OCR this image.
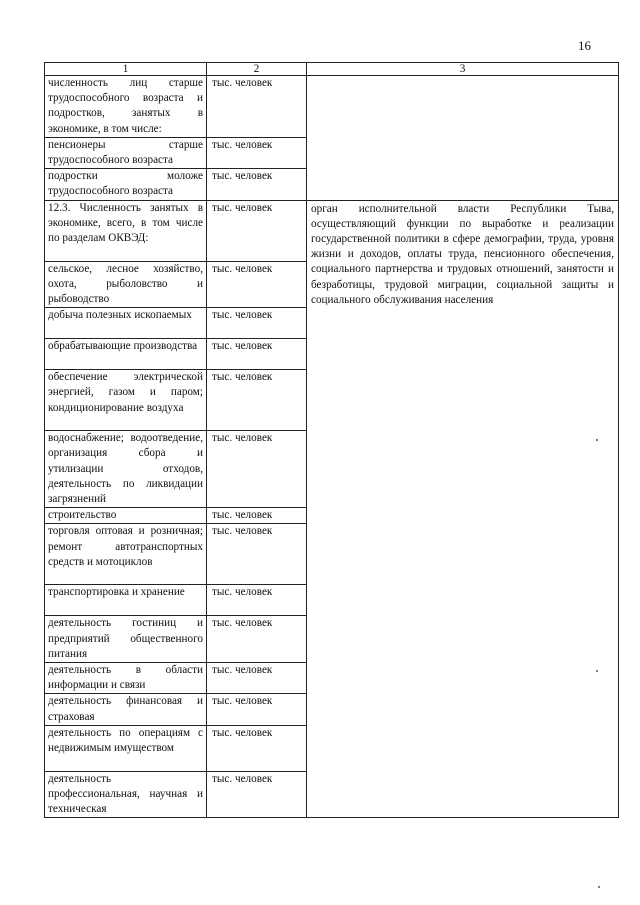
16
1	2	3
численность лиц старше трудоспособного возраста и подростков, занятых в экономике, в том числе:	тыс. человек	
пенсионеры старше трудоспособного возраста	тыс. человек	
подростки моложе трудоспособного возраста	тыс. человек	
12.3. Численность занятых в экономике, всего, в том числе по разделам ОКВЭД:	тыс. человек	орган исполнительной власти Республики Тыва, осуществляющий функции по выработке и реализации государственной политики в сфере демографии, труда, уровня жизни и доходов, оплаты труда, пенсионного обеспечения, социального партнерства и трудовых отношений, занятости и безработицы, трудовой миграции, социальной защиты и социального обслуживания населения
сельское, лесное хозяйство, охота, рыболовство и рыбоводство	тыс. человек	
добыча полезных ископаемых	тыс. человек	
обрабатывающие производства	тыс. человек	
обеспечение электрической энергией, газом и паром; кондиционирование воздуха	тыс. человек	
водоснабжение; водоотведение, организация сбора и утилизации отходов, деятельность по ликвидации загрязнений	тыс. человек	
строительство	тыс. человек	
торговля оптовая и розничная; ремонт автотранспортных средств и мотоциклов	тыс. человек	
транспортировка и хранение	тыс. человек	
деятельность гостиниц и предприятий общественного питания	тыс. человек	
деятельность в области информации и связи	тыс. человек	
деятельность финансовая и страховая	тыс. человек	
деятельность по операциям с недвижимым имуществом	тыс. человек	
деятельность профессиональная, научная и техническая	тыс. человек	
